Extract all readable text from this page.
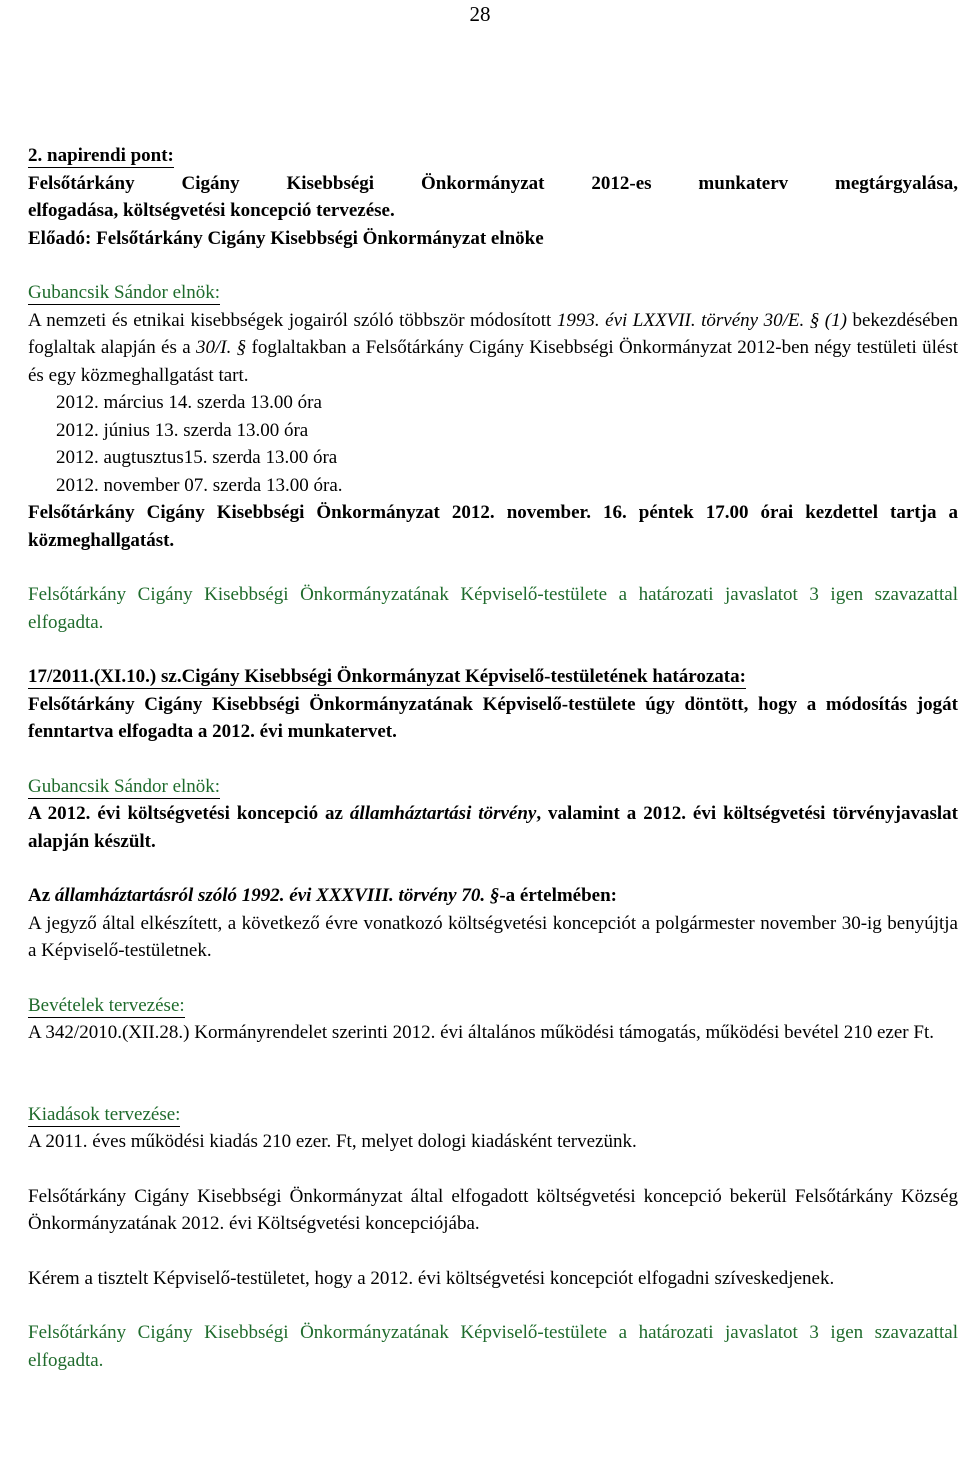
28

2. napirendi pont:

Felsőtárkány Cigány Kisebbségi Önkormányzat 2012-es munkaterv megtárgyalása,

elfogadása, költségvetési koncepció tervezése.

Előadó: Felsőtárkány Cigány Kisebbségi Önkormányzat elnöke

Gubancsik Sándor elnök:

A nemzeti és etnikai kisebbségek jogairól szóló többször módosított 1993. évi LXXVII. törvény 30/E. § (1) bekezdésében foglaltak alapján és a 30/I. § foglaltakban a Felsőtárkány Cigány Kisebbségi Önkormányzat 2012-ben négy testületi ülést és egy közmeghallgatást tart.

2012. március 14. szerda 13.00 óra

2012. június 13. szerda 13.00 óra

2012. augtusztus15. szerda 13.00 óra

2012. november 07. szerda 13.00 óra.

Felsőtárkány Cigány Kisebbségi Önkormányzat 2012. november. 16. péntek 17.00 órai kezdettel tartja a közmeghallgatást.

Felsőtárkány Cigány Kisebbségi Önkormányzatának Képviselő-testülete a határozati javaslatot 3 igen szavazattal elfogadta.

17/2011.(XI.10.) sz.Cigány Kisebbségi Önkormányzat Képviselő-testületének határozata:

Felsőtárkány Cigány Kisebbségi Önkormányzatának Képviselő-testülete úgy döntött, hogy a módosítás jogát fenntartva elfogadta a 2012. évi munkatervet.

Gubancsik Sándor elnök:

A 2012. évi költségvetési koncepció az államháztartási törvény, valamint a 2012. évi költségvetési törvényjavaslat alapján készült.

Az államháztartásról szóló 1992. évi XXXVIII. törvény 70. §-a értelmében:

A jegyző által elkészített, a következő évre vonatkozó költségvetési koncepciót a polgármester november 30-ig benyújtja a Képviselő-testületnek.

Bevételek tervezése:

A 342/2010.(XII.28.) Kormányrendelet szerinti 2012. évi általános működési támogatás, működési bevétel 210 ezer Ft.

Kiadások tervezése:

A 2011. éves működési kiadás 210 ezer. Ft, melyet dologi kiadásként tervezünk.

Felsőtárkány Cigány Kisebbségi Önkormányzat által elfogadott költségvetési koncepció bekerül Felsőtárkány Község Önkormányzatának 2012. évi Költségvetési koncepciójába.

Kérem a tisztelt Képviselő-testületet, hogy a 2012. évi költségvetési koncepciót elfogadni szíveskedjenek.

Felsőtárkány Cigány Kisebbségi Önkormányzatának Képviselő-testülete a határozati javaslatot 3 igen szavazattal elfogadta.
